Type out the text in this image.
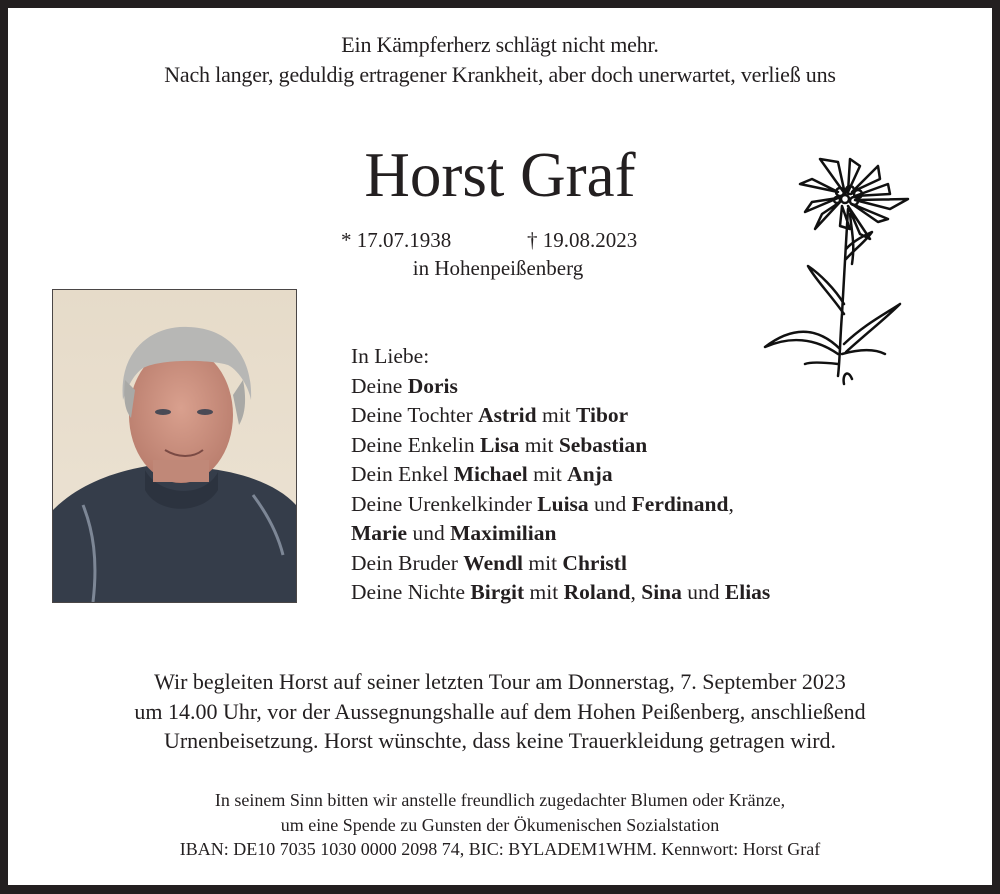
Ein Kämpferherz schlägt nicht mehr.
Nach langer, geduldig ertragener Krankheit, aber doch unerwartet, verließ uns
Horst Graf
* 17.07.1938	† 19.08.2023
in Hohenpeißenberg
In Liebe:
Deine Doris
Deine Tochter Astrid mit Tibor
Deine Enkelin Lisa mit Sebastian
Dein Enkel Michael mit Anja
Deine Urenkelkinder Luisa und Ferdinand,
Marie und Maximilian
Dein Bruder Wendl mit Christl
Deine Nichte Birgit mit Roland, Sina und Elias
Wir begleiten Horst auf seiner letzten Tour am Donnerstag, 7. September 2023
um 14.00 Uhr, vor der Aussegnungshalle auf dem Hohen Peißenberg, anschließend
Urnenbeisetzung. Horst wünschte, dass keine Trauerkleidung getragen wird.
In seinem Sinn bitten wir anstelle freundlich zugedachter Blumen oder Kränze,
um eine Spende zu Gunsten der Ökumenischen Sozialstation
IBAN: DE10 7035 1030 0000 2098 74, BIC: BYLADEM1WHM. Kennwort: Horst Graf
